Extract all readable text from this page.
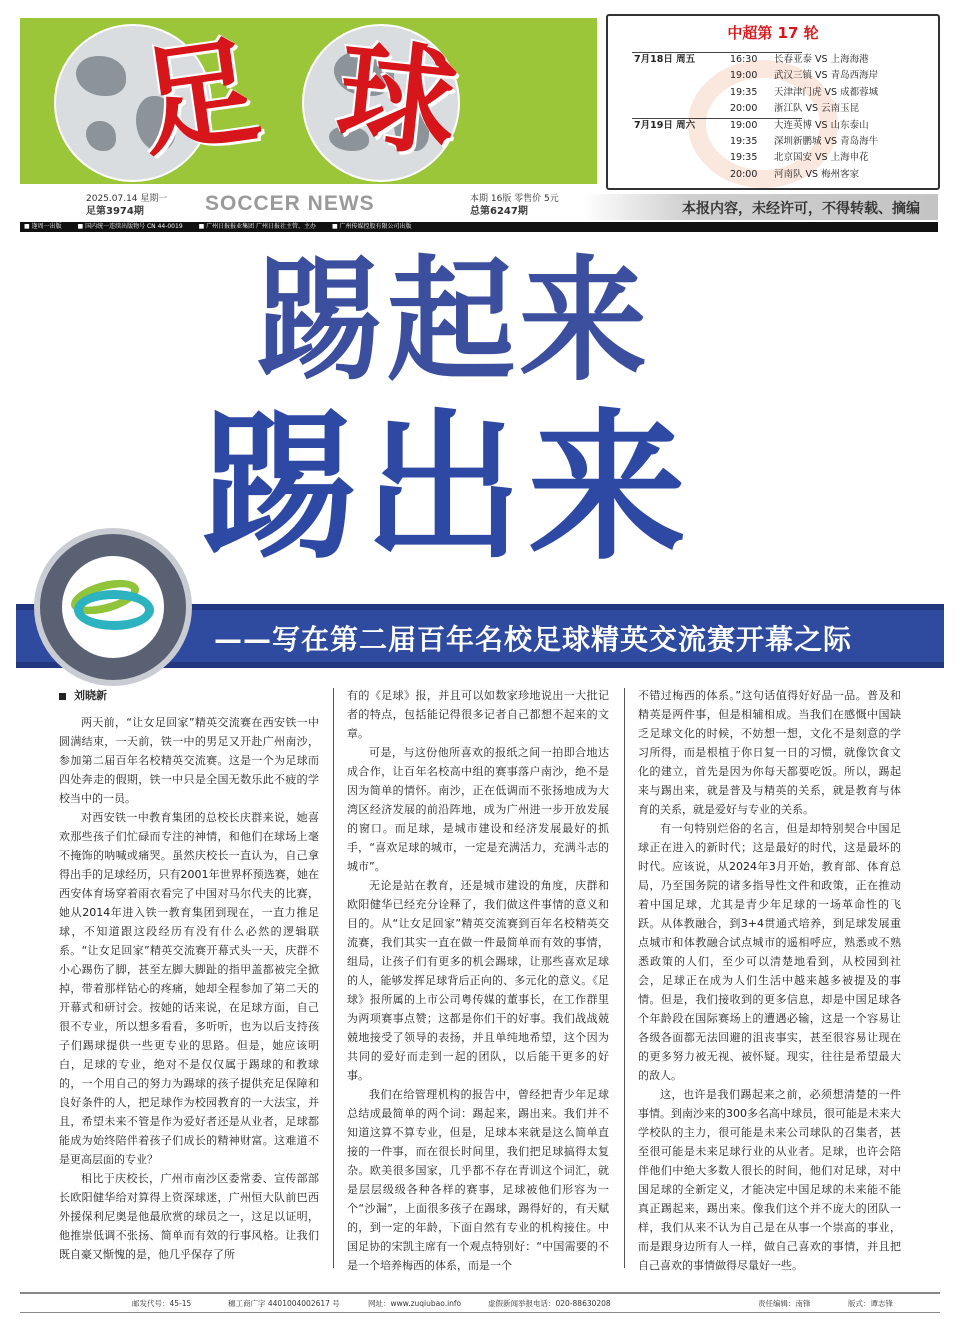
足 球
2025.07.14 星期一
足第3974期	SOCCER NEWS	本期 16版 零售价 5元
总第6247期	本报内容，未经许可，不得转载、摘编
■ 逢周一出版	■ 国内统一连续出版物号 CN 44-0019	■ 广州日报报业集团 广州日报社主管、主办	■ 广州传媒控股有限公司出版
中超第 17 轮
7月18日 周五	16:30 长春亚泰 VS 上海海港
19:00 武汉三镇 VS 青岛西海岸
19:35 天津津门虎 VS 成都蓉城
20:00 浙江队 VS 云南玉昆
7月19日 周六	19:00 大连英博 VS 山东泰山
19:35 深圳新鹏城 VS 青岛海牛
19:35 北京国安 VS 上海申花
20:00 河南队 VS 梅州客家
踢起来
踢出来
——写在第二届百年名校足球精英交流赛开幕之际

刘晓新

两天前，“让女足回家”精英交流赛在西安铁一中圆满结束，一天前，铁一中的男足又开赴广州南沙，参加第二届百年名校精英交流赛。这是一个为足球而四处奔走的假期，铁一中只是全国无数乐此不疲的学校当中的一员。

对西安铁一中教育集团的总校长庆群来说，她喜欢那些孩子们忙碌而专注的神情，和他们在球场上毫不掩饰的呐喊或痛哭。虽然庆校长一直认为，自己拿得出手的足球经历，只有2001年世界杯预选赛，她在西安体育场穿着雨衣看完了中国对马尔代夫的比赛，她从2014年进入铁一教育集团到现在，一直力推足球，不知道跟这段经历有没有什么必然的逻辑联系。“让女足回家”精英交流赛开幕式头一天，庆群不小心踢伤了脚，甚至左脚大脚趾的指甲盖都被完全掀掉，带着那样钻心的疼痛，她却全程参加了第二天的开幕式和研讨会。按她的话来说，在足球方面，自己很不专业，所以想多看看，多听听，也为以后支持孩子们踢球提供一些更专业的思路。但是，她应该明白，足球的专业，绝对不是仅仅属于踢球的和教球的，一个用自己的努力为踢球的孩子提供充足保障和良好条件的人，把足球作为校园教育的一大法宝，并且，希望未来不管是作为爱好者还是从业者，足球都能成为始终陪伴着孩子们成长的精神财富。这难道不是更高层面的专业？

相比于庆校长，广州市南沙区委常委、宣传部部长欧阳健华给对算得上资深球迷，广州恒大队前巴西外援保利尼奥是他最欣赏的球员之一，这足以证明，他推崇低调不张扬、简单而有效的行事风格。让我们既自豪又惭愧的是，他几乎保存了所

有的《足球》报，并且可以如数家珍地说出一大批记者的特点，包括能记得很多记者自己都想不起来的文章。

可是，与这份他所喜欢的报纸之间一拍即合地达成合作，让百年名校高中组的赛事落户南沙，绝不是因为简单的情怀。南沙，正在低调而不张扬地成为大湾区经济发展的前沿阵地，成为广州进一步开放发展的窗口。而足球，是城市建设和经济发展最好的抓手，“喜欢足球的城市，一定是充满活力，充满斗志的城市”。

无论是站在教育，还是城市建设的角度，庆群和欧阳健华已经充分诠释了，我们做这件事情的意义和目的。从“让女足回家”精英交流赛到百年名校精英交流赛，我们其实一直在做一件最简单而有效的事情，组局，让孩子们有更多的机会踢球，让那些喜欢足球的人，能够发挥足球背后正向的、多元化的意义。《足球》报所属的上市公司粤传媒的董事长，在工作群里为两项赛事点赞；这都是你们干的好事。我们战战兢兢地接受了领导的表扬，并且单纯地希望，这个因为共同的爱好而走到一起的团队，以后能干更多的好事。

我们在给管理机构的报告中，曾经把青少年足球总结成最简单的两个词：踢起来，踢出来。我们并不知道这算不算专业，但是，足球本来就是这么简单直接的一件事，而在很长时间里，我们把足球搞得太复杂。欧美很多国家，几乎都不存在青训这个词汇，就是层层级级各种各样的赛事，足球被他们形容为一个“沙漏”，上面很多孩子在踢球，踢得好的，有天赋的，到一定的年龄，下面自然有专业的机构接住。中国足协的宋凯主席有一个观点特别好：“中国需要的不是一个培养梅西的体系，而是一个

不错过梅西的体系。”这句话值得好好品一品。普及和精英是两件事，但是相辅相成。当我们在感慨中国缺乏足球文化的时候，不妨想一想，文化不是刻意的学习所得，而是根植于你日复一日的习惯，就像饮食文化的建立，首先是因为你每天都要吃饭。所以，踢起来与踢出来，就是普及与精英的关系，就是教育与体育的关系，就是爱好与专业的关系。

有一句特别烂俗的名言，但是却特别契合中国足球正在进入的新时代；这是最好的时代，这是最坏的时代。应该说，从2024年3月开始，教育部、体育总局，乃至国务院的诸多指导性文件和政策，正在推动着中国足球，尤其是青少年足球的一场革命性的飞跃。从体教融合，到3+4贯通式培养，到足球发展重点城市和体教融合试点城市的遥相呼应，熟悉或不熟悉政策的人们，至少可以清楚地看到，从校园到社会，足球正在成为人们生活中越来越多被提及的事情。但是，我们接收到的更多信息，却是中国足球各个年龄段在国际赛场上的遭遇必输，这是一个容易让各级各面都无法回避的沮丧事实，甚至很容易让现在的更多努力被无视、被怀疑。现实，往往是希望最大的敌人。

这，也许是我们踢起来之前，必须想清楚的一件事情。到南沙来的300多名高中球员，很可能是未来大学校队的主力，很可能是未来公司球队的召集者，甚至很可能是未来足球行业的从业者。足球，也许会陪伴他们中绝大多数人很长的时间，他们对足球，对中国足球的全新定义，才能决定中国足球的未来能不能真正踢起来，踢出来。像我们这个并不庞大的团队一样，我们从来不认为自己是在从事一个崇高的事业，而是跟身边所有人一样，做自己喜欢的事情，并且把自己喜欢的事情做得尽量好一些。

邮发代号：45-15	穗工商广字 4401004002617 号	网址：www.zuqiubao.info	虚假新闻举报电话：020-88630208	责任编辑：南锋	版式：谭志锋
